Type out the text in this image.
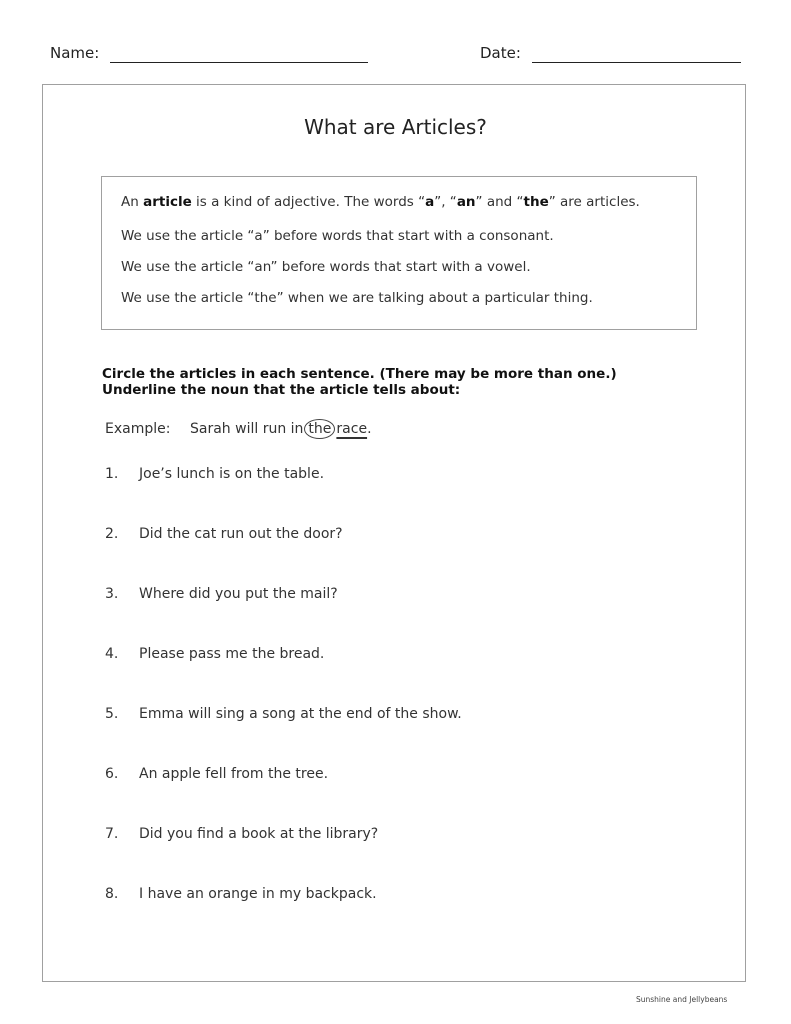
Name:	Date:
What are Articles?
An article is a kind of adjective. The words “a”, “an” and “the” are articles.
We use the article “a” before words that start with a consonant.
We use the article “an” before words that start with a vowel.
We use the article “the” when we are talking about a particular thing.
Circle the articles in each sentence. (There may be more than one.)
Underline the noun that the article tells about:
Example: Sarah will run in the race.
1. Joe’s lunch is on the table.
2. Did the cat run out the door?
3. Where did you put the mail?
4. Please pass me the bread.
5. Emma will sing a song at the end of the show.
6. An apple fell from the tree.
7. Did you find a book at the library?
8. I have an orange in my backpack.
Sunshine and Jellybeans
